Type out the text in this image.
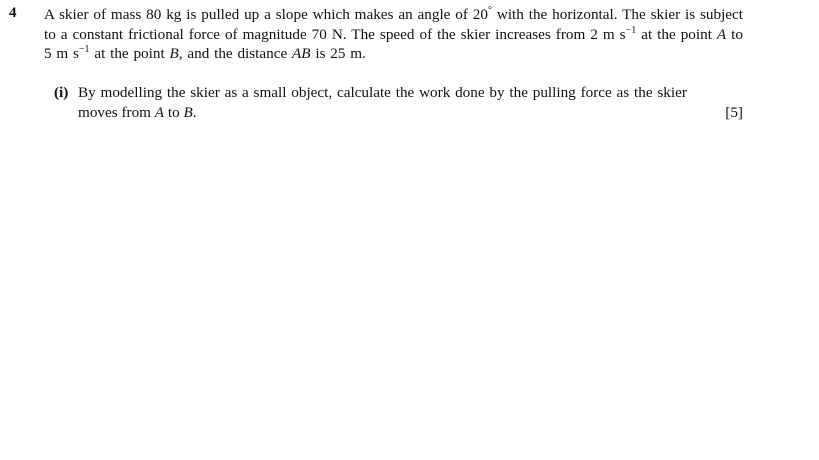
4 A skier of mass 80 kg is pulled up a slope which makes an angle of 20° with the horizontal. The skier is subject to a constant frictional force of magnitude 70 N. The speed of the skier increases from 2 m $s^{-1}$ at the point A to 5 m $s^{-1}$ at the point B, and the distance AB is 25 m.
(i) By modelling the skier as a small object, calculate the work done by the pulling force as the skier
moves from A to B.	[5]
